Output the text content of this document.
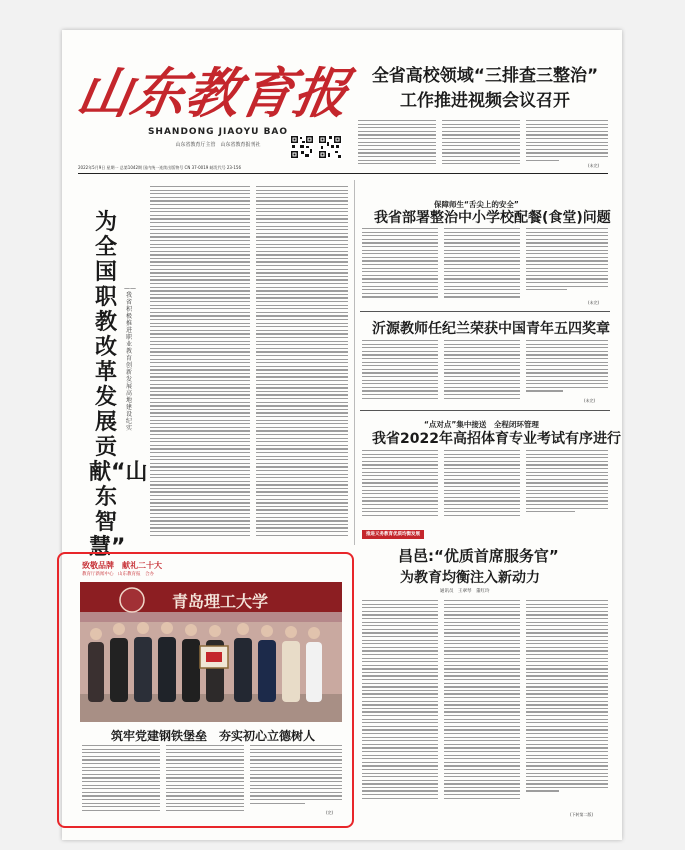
山东教育报
SHANDONG JIAOYU BAO
山东省教育厅主管　山东省教育报刊社
2022年5月9日 星期一 总第1042期 国内统一连续出版物号 CN 37-0019 邮发代号 23-156
全省高校领域“三排查三整治”
工作推进视频会议召开
(未完)
为全国职教改革发展贡献“山东智慧”
——我省积极推进职业教育创新发展高地建设纪实
保障师生“舌尖上的安全”
我省部署整治中小学校配餐(食堂)问题
(未完)
沂源教师任纪兰荣获中国青年五四奖章
(未完)
“点对点”集中接送　全程闭环管理
我省2022年高招体育专业考试有序进行
推进义务教育优质均衡发展
昌邑:“优质首席服务官”
为教育均衡注入新动力
通讯员　王翠琴　董红玲
(下转第二版)
致敬品牌　献礼二十大
教育厅新闻中心　山东教育报　合办
青岛理工大学
筑牢党建钢铁堡垒　夯实初心立德树人
(完)
